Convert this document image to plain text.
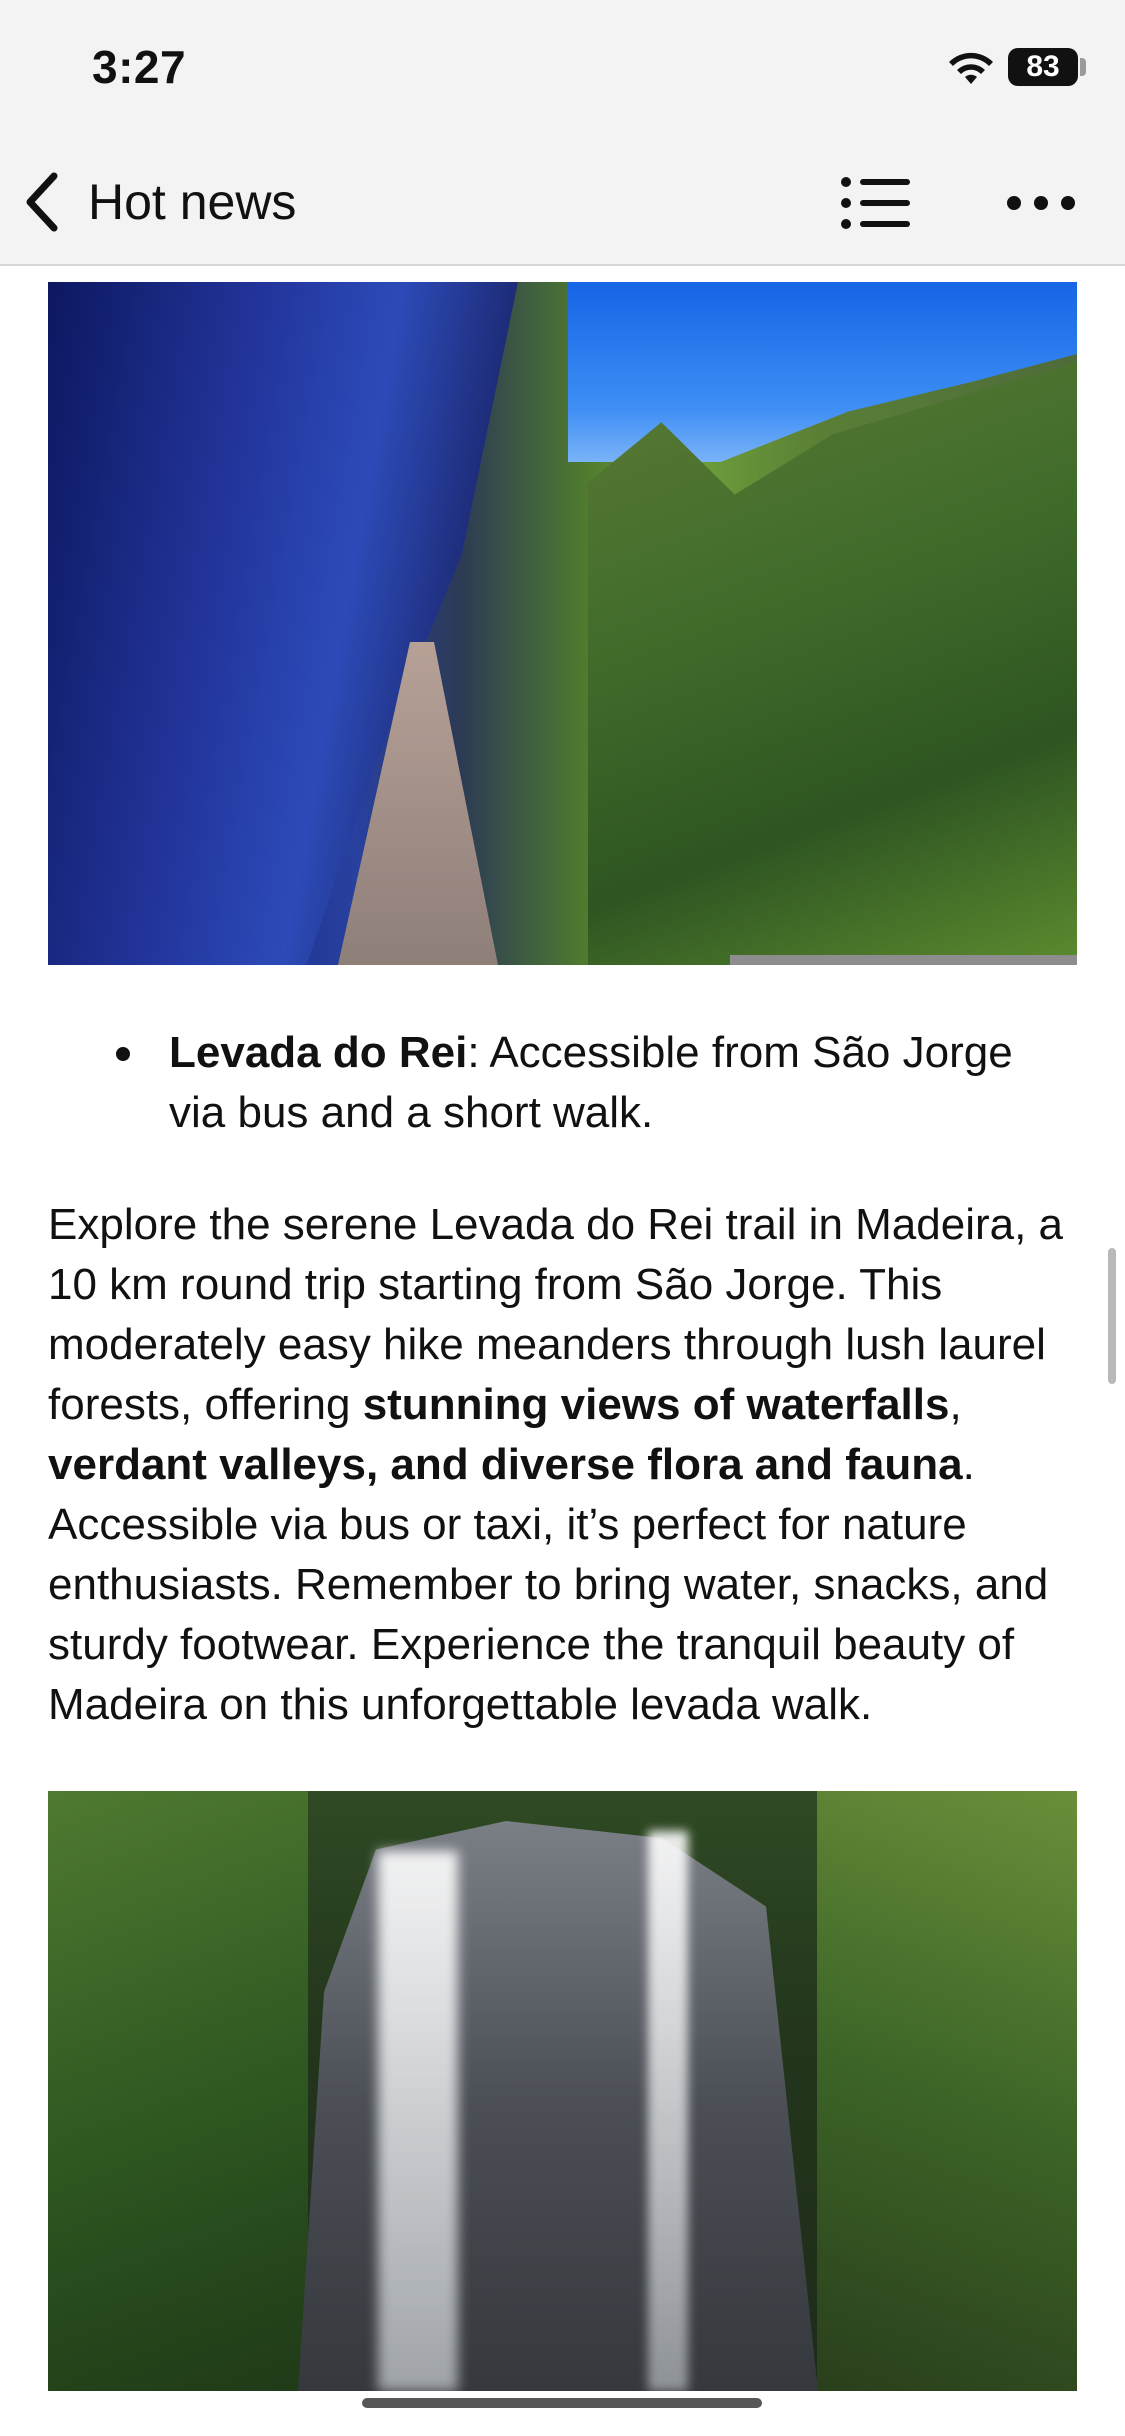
3:27	83
Hot news
Levada do Rei: Accessible from São Jorge via bus and a short walk.

Explore the serene Levada do Rei trail in Madeira, a 10 km round trip starting from São Jorge. This moderately easy hike meanders through lush laurel forests, offering stunning views of waterfalls, verdant valleys, and diverse flora and fauna. Accessible via bus or taxi, it’s perfect for nature enthusiasts. Remember to bring water, snacks, and sturdy footwear. Experience the tranquil beauty of Madeira on this unforgettable levada walk.
